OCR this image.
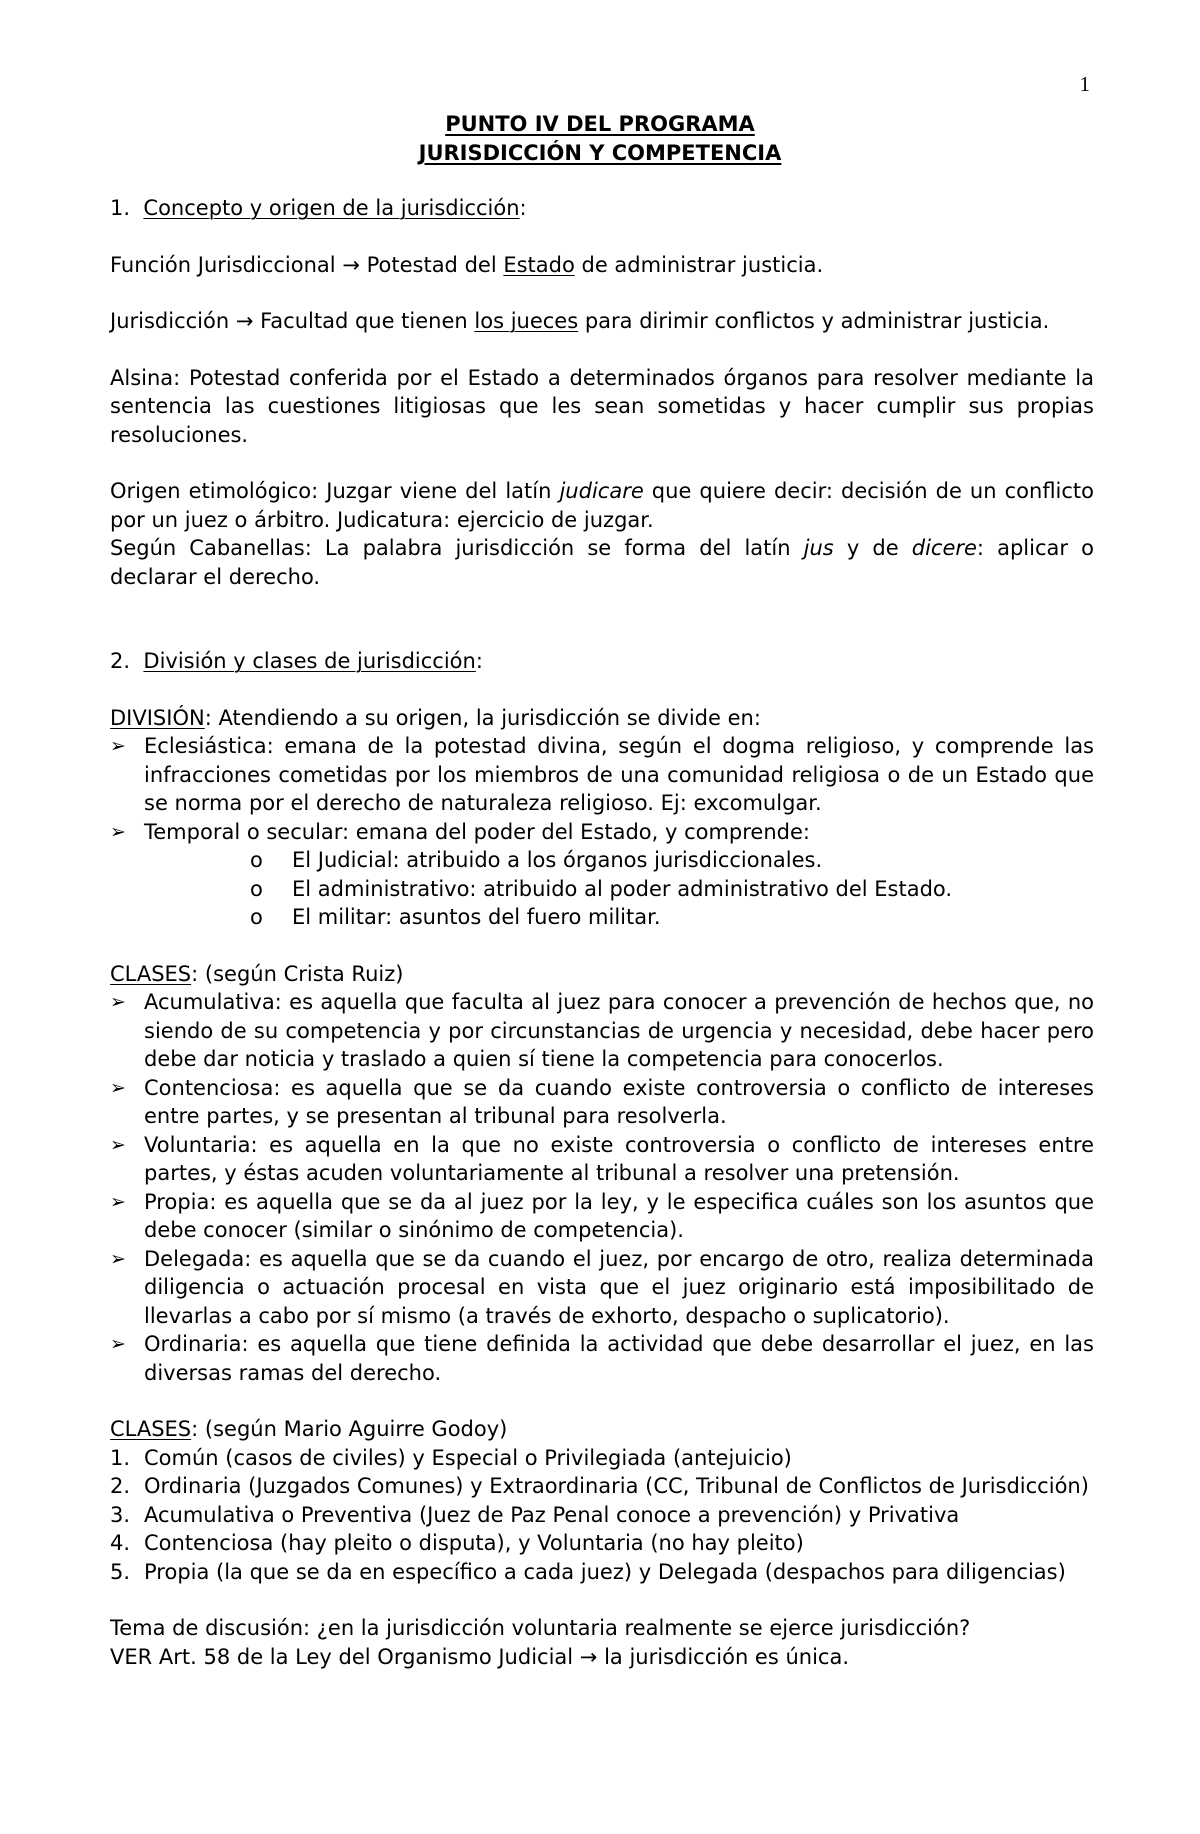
1
PUNTO IV DEL PROGRAMA
JURISDICCIÓN Y COMPETENCIA

1. Concepto y origen de la jurisdicción:

Función Jurisdiccional → Potestad del Estado de administrar justicia.

Jurisdicción → Facultad que tienen los jueces para dirimir conflictos y administrar justicia.

Alsina: Potestad conferida por el Estado a determinados órganos para resolver mediante la sentencia las cuestiones litigiosas que les sean sometidas y hacer cumplir sus propias resoluciones.

Origen etimológico: Juzgar viene del latín judicare que quiere decir: decisión de un conflicto por un juez o árbitro. Judicatura: ejercicio de juzgar.

Según Cabanellas: La palabra jurisdicción se forma del latín jus y de dicere: aplicar o declarar el derecho.

2. División y clases de jurisdicción:

DIVISIÓN: Atendiendo a su origen, la jurisdicción se divide en:

➢ Eclesiástica: emana de la potestad divina, según el dogma religioso, y comprende las infracciones cometidas por los miembros de una comunidad religiosa o de un Estado que se norma por el derecho de naturaleza religioso. Ej: excomulgar.
➢ Temporal o secular: emana del poder del Estado, y comprende:
o El Judicial: atribuido a los órganos jurisdiccionales.
o El administrativo: atribuido al poder administrativo del Estado.
o El militar: asuntos del fuero militar.

CLASES: (según Crista Ruiz)

➢ Acumulativa: es aquella que faculta al juez para conocer a prevención de hechos que, no siendo de su competencia y por circunstancias de urgencia y necesidad, debe hacer pero debe dar noticia y traslado a quien sí tiene la competencia para conocerlos.
➢ Contenciosa: es aquella que se da cuando existe controversia o conflicto de intereses entre partes, y se presentan al tribunal para resolverla.
➢ Voluntaria: es aquella en la que no existe controversia o conflicto de intereses entre partes, y éstas acuden voluntariamente al tribunal a resolver una pretensión.
➢ Propia: es aquella que se da al juez por la ley, y le especifica cuáles son los asuntos que debe conocer (similar o sinónimo de competencia).
➢ Delegada: es aquella que se da cuando el juez, por encargo de otro, realiza determinada diligencia o actuación procesal en vista que el juez originario está imposibilitado de llevarlas a cabo por sí mismo (a través de exhorto, despacho o suplicatorio).
➢ Ordinaria: es aquella que tiene definida la actividad que debe desarrollar el juez, en las diversas ramas del derecho.

CLASES: (según Mario Aguirre Godoy)

1. Común (casos de civiles) y Especial o Privilegiada (antejuicio)
2. Ordinaria (Juzgados Comunes) y Extraordinaria (CC, Tribunal de Conflictos de Jurisdicción)
3. Acumulativa o Preventiva (Juez de Paz Penal conoce a prevención) y Privativa
4. Contenciosa (hay pleito o disputa), y Voluntaria (no hay pleito)
5. Propia (la que se da en específico a cada juez) y Delegada (despachos para diligencias)

Tema de discusión: ¿en la jurisdicción voluntaria realmente se ejerce jurisdicción?

VER Art. 58 de la Ley del Organismo Judicial → la jurisdicción es única.
